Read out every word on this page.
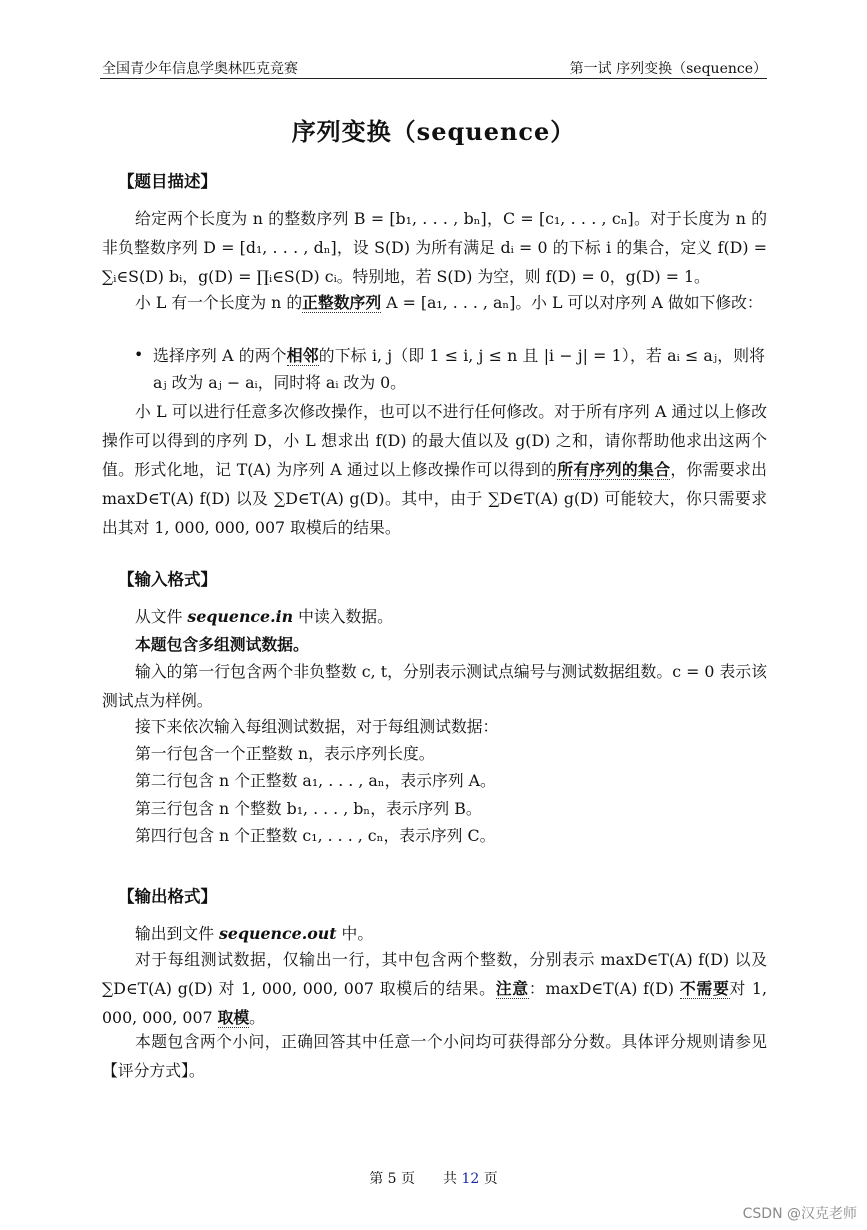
全国青少年信息学奥林匹克竞赛	第一试 序列变换（sequence）
序列变换（sequence）
【题目描述】
给定两个长度为 n 的整数序列 B = [b₁, . . . , bₙ]，C = [c₁, . . . , cₙ]。对于长度为 n 的非负整数序列 D = [d₁, . . . , dₙ]，设 S(D) 为所有满足 dᵢ = 0 的下标 i 的集合，定义 f(D) = ∑ᵢ∈S(D) bᵢ，g(D) = ∏ᵢ∈S(D) cᵢ。特别地，若 S(D) 为空，则 f(D) = 0，g(D) = 1。
小 L 有一个长度为 n 的正整数序列 A = [a₁, . . . , aₙ]。小 L 可以对序列 A 做如下修改：
• 选择序列 A 的两个相邻的下标 i, j（即 1 ≤ i, j ≤ n 且 |i − j| = 1），若 aᵢ ≤ aⱼ，则将 aⱼ 改为 aⱼ − aᵢ，同时将 aᵢ 改为 0。
小 L 可以进行任意多次修改操作，也可以不进行任何修改。对于所有序列 A 通过以上修改操作可以得到的序列 D，小 L 想求出 f(D) 的最大值以及 g(D) 之和，请你帮助他求出这两个值。形式化地，记 T(A) 为序列 A 通过以上修改操作可以得到的所有序列的集合，你需要求出 maxD∈T(A) f(D) 以及 ∑D∈T(A) g(D)。其中，由于 ∑D∈T(A) g(D) 可能较大，你只需要求出其对 1, 000, 000, 007 取模后的结果。
【输入格式】
从文件 sequence.in 中读入数据。
本题包含多组测试数据。
输入的第一行包含两个非负整数 c, t，分别表示测试点编号与测试数据组数。c = 0 表示该测试点为样例。
接下来依次输入每组测试数据，对于每组测试数据：
第一行包含一个正整数 n，表示序列长度。
第二行包含 n 个正整数 a₁, . . . , aₙ，表示序列 A。
第三行包含 n 个整数 b₁, . . . , bₙ，表示序列 B。
第四行包含 n 个正整数 c₁, . . . , cₙ，表示序列 C。
【输出格式】
输出到文件 sequence.out 中。
对于每组测试数据，仅输出一行，其中包含两个整数，分别表示 maxD∈T(A) f(D) 以及 ∑D∈T(A) g(D) 对 1, 000, 000, 007 取模后的结果。注意：maxD∈T(A) f(D) 不需要对 1, 000, 000, 007 取模。
本题包含两个小问，正确回答其中任意一个小问均可获得部分分数。具体评分规则请参见【评分方式】。
第 5 页 共 12 页
CSDN @汉克老师
